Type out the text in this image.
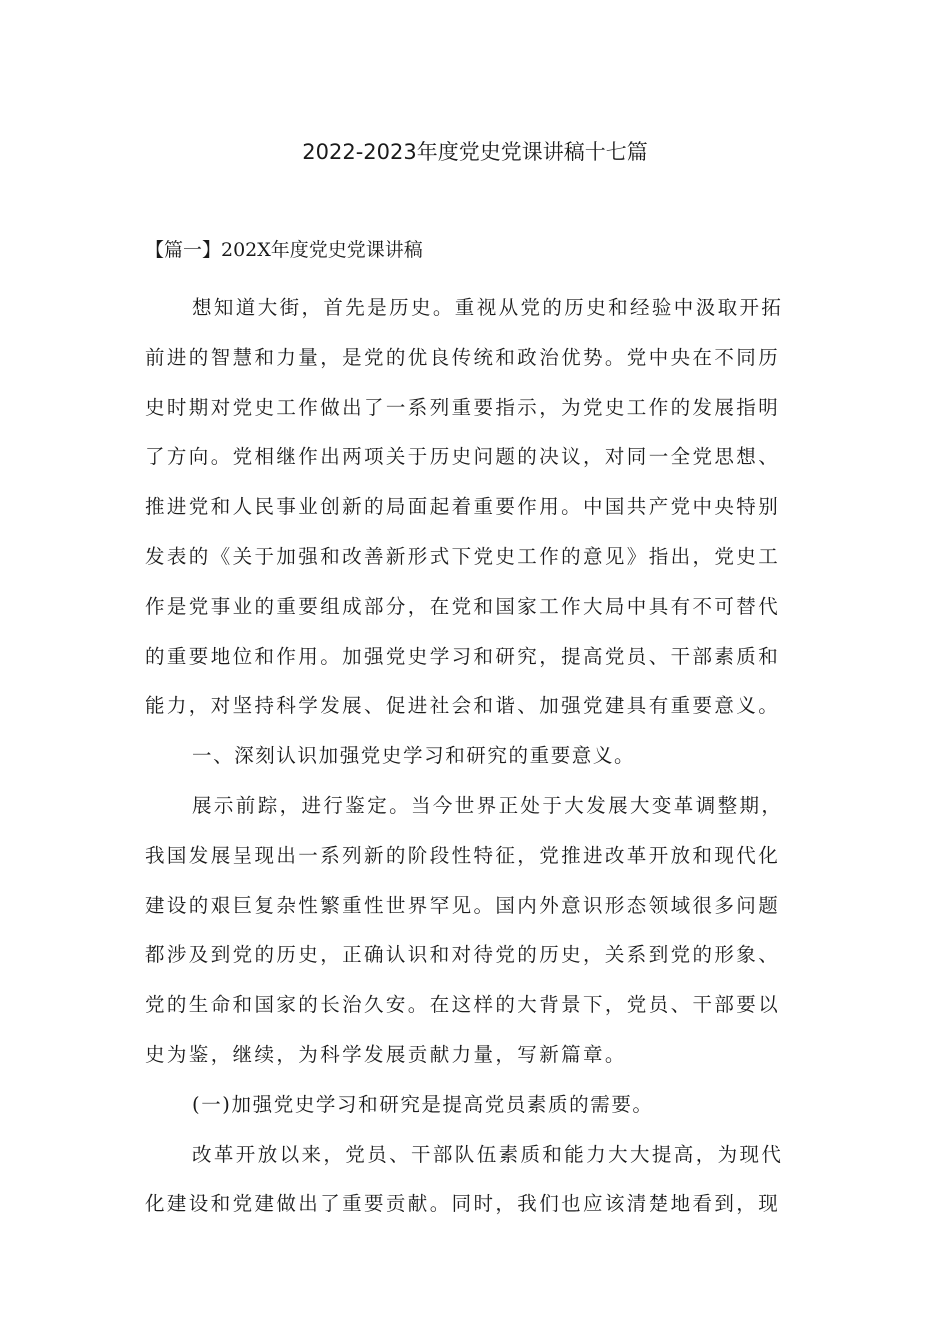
2022-2023年度党史党课讲稿十七篇
【篇一】202X年度党史党课讲稿
想知道大街，首先是历史。重视从党的历史和经验中汲取开拓
前进的智慧和力量，是党的优良传统和政治优势。党中央在不同历
史时期对党史工作做出了一系列重要指示，为党史工作的发展指明
了方向。党相继作出两项关于历史问题的决议，对同一全党思想、
推进党和人民事业创新的局面起着重要作用。中国共产党中央特别
发表的《关于加强和改善新形式下党史工作的意见》指出，党史工
作是党事业的重要组成部分，在党和国家工作大局中具有不可替代
的重要地位和作用。加强党史学习和研究，提高党员、干部素质和
能力，对坚持科学发展、促进社会和谐、加强党建具有重要意义。
一、深刻认识加强党史学习和研究的重要意义。
展示前踪，进行鉴定。当今世界正处于大发展大变革调整期，
我国发展呈现出一系列新的阶段性特征，党推进改革开放和现代化
建设的艰巨复杂性繁重性世界罕见。国内外意识形态领域很多问题
都涉及到党的历史，正确认识和对待党的历史，关系到党的形象、
党的生命和国家的长治久安。在这样的大背景下，党员、干部要以
史为鉴，继续，为科学发展贡献力量，写新篇章。
(一)加强党史学习和研究是提高党员素质的需要。
改革开放以来，党员、干部队伍素质和能力大大提高，为现代
化建设和党建做出了重要贡献。同时，我们也应该清楚地看到，现
